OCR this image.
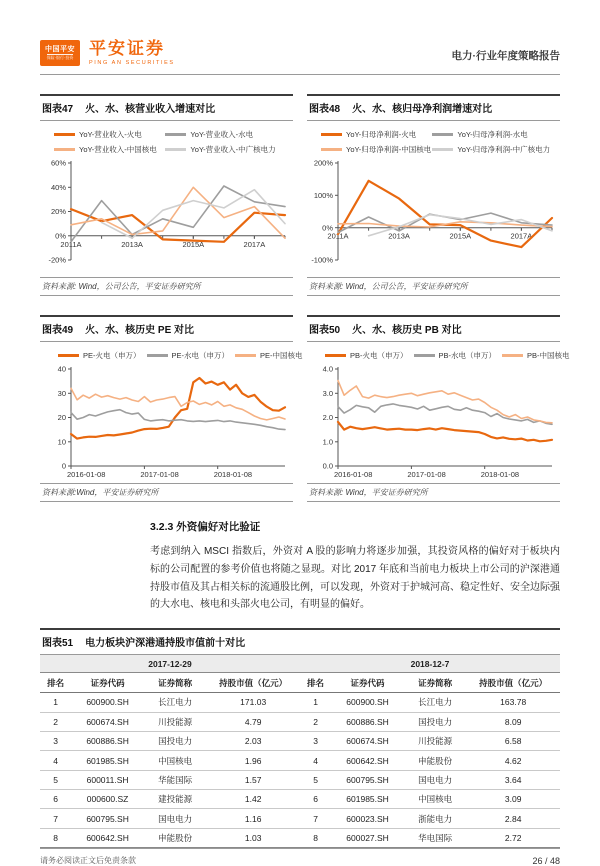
中国平安
保险·银行·投资 平安证券
PING AN SECURITIES
电力·行业年度策略报告
图表47 火、水、核营业收入增速对比
YoY-营业收入-火电	YoY-营业收入-水电
YoY-营业收入-中国核电	YoY-营业收入-中广核电力
-20%
0%
20%
40%
60%
2011A	2013A	2015A	2017A
资料来源: Wind，公司公告，平安证券研究所
图表48 火、水、核归母净利润增速对比
YoY-归母净利润-火电	YoY-归母净利润-水电
YoY-归母净利润-中国核电	YoY-归母净利润-中广核电力
-100%
0%
100%
200%
2011A	2013A	2015A	2017A
资料来源: Wind，公司公告，平安证券研究所
图表49 火、水、核历史 PE 对比
PE-火电（申万）	PE-水电（申万）	PE-中国核电
0
10
20
30
40
2016-01-08	2017-01-08	2018-01-08
资料来源:Wind，平安证券研究所
图表50 火、水、核历史 PB 对比
PB-火电（申万）	PB-水电（申万）	PB-中国核电
0.0
1.0
2.0
3.0
4.0
2016-01-08	2017-01-08	2018-01-08
资料来源: Wind，平安证券研究所
3.2.3 外资偏好对比验证
考虑到纳入 MSCI 指数后，外资对 A 股的影响力将逐步加强，其投资风格的偏好对于板块内标的公司配置的参考价值也将随之显现。对比 2017 年底和当前电力板块上市公司的沪深港通持股市值及其占相关标的流通股比例，可以发现，外资对于护城河高、稳定性好、安全边际强的大水电、核电和头部火电公司，有明显的偏好。
图表51 电力板块沪深港通持股市值前十对比
2017-12-29				2018-12-7			
排名	证券代码	证券简称	持股市值（亿元）	排名	证券代码	证券简称	持股市值（亿元）
1	600900.SH	长江电力	171.03	1	600900.SH	长江电力	163.78
2	600674.SH	川投能源	4.79	2	600886.SH	国投电力	8.09
3	600886.SH	国投电力	2.03	3	600674.SH	川投能源	6.58
4	601985.SH	中国核电	1.96	4	600642.SH	申能股份	4.62
5	600011.SH	华能国际	1.57	5	600795.SH	国电电力	3.64
6	000600.SZ	建投能源	1.42	6	601985.SH	中国核电	3.09
7	600795.SH	国电电力	1.16	7	600023.SH	浙能电力	2.84
8	600642.SH	申能股份	1.03	8	600027.SH	华电国际	2.72
请务必阅读正文后免责条款	26 / 48
